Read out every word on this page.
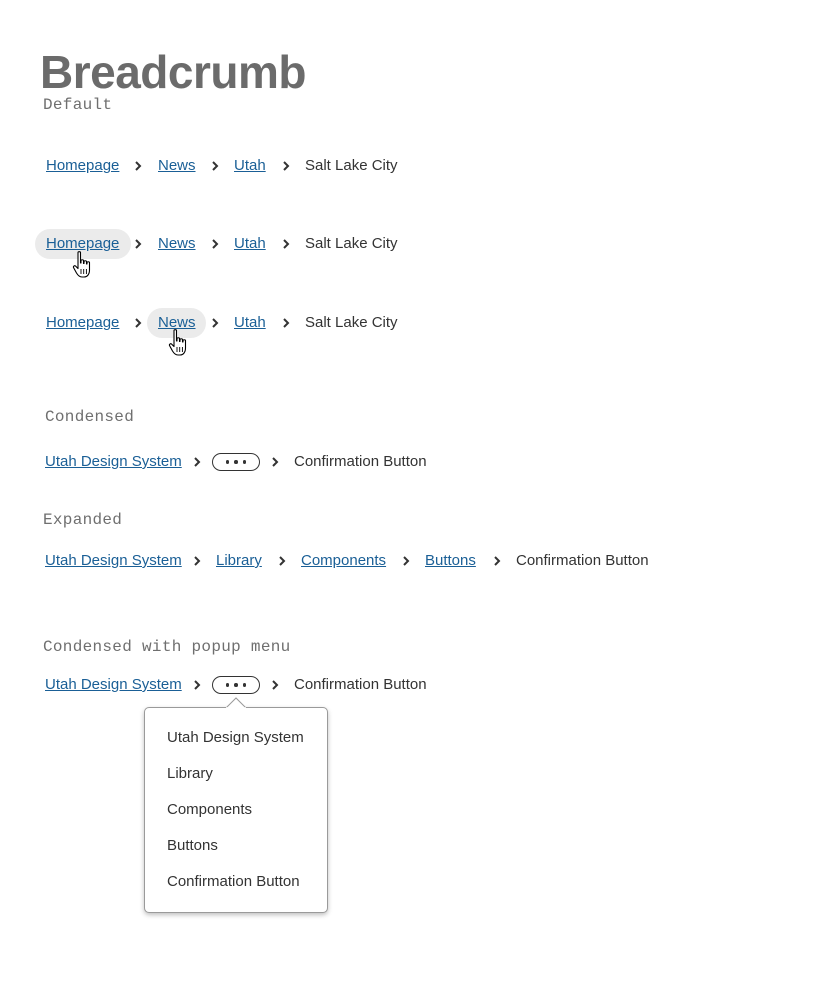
Breadcrumb
Default
Homepage	News	Utah	Salt Lake City
Homepage	News	Utah	Salt Lake City
Homepage	News	Utah	Salt Lake City
Condensed
Utah Design System	Confirmation Button
Expanded
Utah Design System Library	Components	Buttons	Confirmation Button
Condensed with popup menu
Utah Design System	Confirmation Button
Utah Design System
Library
Components
Buttons
Confirmation Button
